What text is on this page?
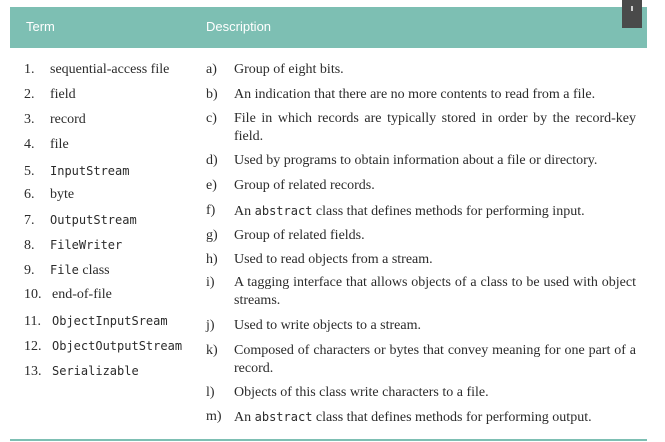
Term	Description
1. sequential-access file
2. field
3. record
4. file
5. InputStream
6. byte
7. OutputStream
8. FileWriter
9. File class
10. end-of-file
11. ObjectInputSream
12. ObjectOutputStream
13. Serializable
a) Group of eight bits.
b) An indication that there are no more contents to read from a file.
c) File in which records are typically stored in order by the record-key field.
d) Used by programs to obtain information about a file or directory.
e) Group of related records.
f) An abstract class that defines methods for performing input.
g) Group of related fields.
h) Used to read objects from a stream.
i) A tagging interface that allows objects of a class to be used with object streams.
j) Used to write objects to a stream.
k) Composed of characters or bytes that convey meaning for one part of a record.
l) Objects of this class write characters to a file.
m) An abstract class that defines methods for performing output.
